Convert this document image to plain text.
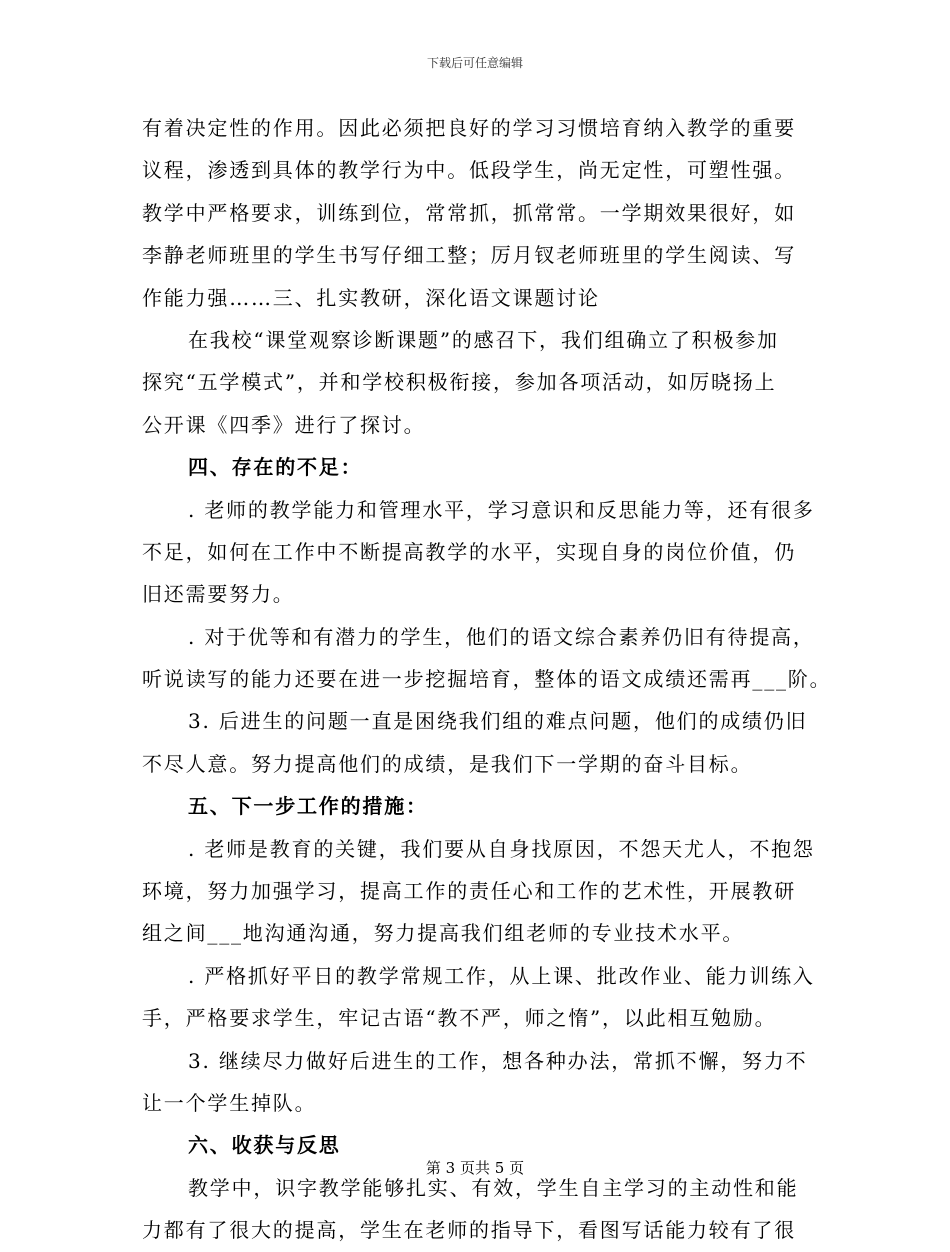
下载后可任意编辑
有着决定性的作用。因此必须把良好的学习习惯培育纳入教学的重要
议程，渗透到具体的教学行为中。低段学生，尚无定性，可塑性强。
教学中严格要求，训练到位，常常抓，抓常常。一学期效果很好，如
李静老师班里的学生书写仔细工整；厉月钗老师班里的学生阅读、写
作能力强……三、扎实教研，深化语文课题讨论
在我校“课堂观察诊断课题”的感召下，我们组确立了积极参加
探究“五学模式”，并和学校积极衔接，参加各项活动，如厉晓扬上
公开课《四季》进行了探讨。
四、存在的不足：
. 老师的教学能力和管理水平，学习意识和反思能力等，还有很多
不足，如何在工作中不断提高教学的水平，实现自身的岗位价值，仍
旧还需要努力。
. 对于优等和有潜力的学生，他们的语文综合素养仍旧有待提高，
听说读写的能力还要在进一步挖掘培育，整体的语文成绩还需再___阶。
3. 后进生的问题一直是困绕我们组的难点问题，他们的成绩仍旧
不尽人意。努力提高他们的成绩，是我们下一学期的奋斗目标。
五、下一步工作的措施：
. 老师是教育的关键，我们要从自身找原因，不怨天尤人，不抱怨
环境，努力加强学习，提高工作的责任心和工作的艺术性，开展教研
组之间___地沟通沟通，努力提高我们组老师的专业技术水平。
. 严格抓好平日的教学常规工作，从上课、批改作业、能力训练入
手，严格要求学生，牢记古语“教不严，师之惰”，以此相互勉励。
3. 继续尽力做好后进生的工作，想各种办法，常抓不懈，努力不
让一个学生掉队。
六、收获与反思
教学中，识字教学能够扎实、有效，学生自主学习的主动性和能
力都有了很大的提高，学生在老师的指导下，看图写话能力较有了很
第 3 页共 5 页
